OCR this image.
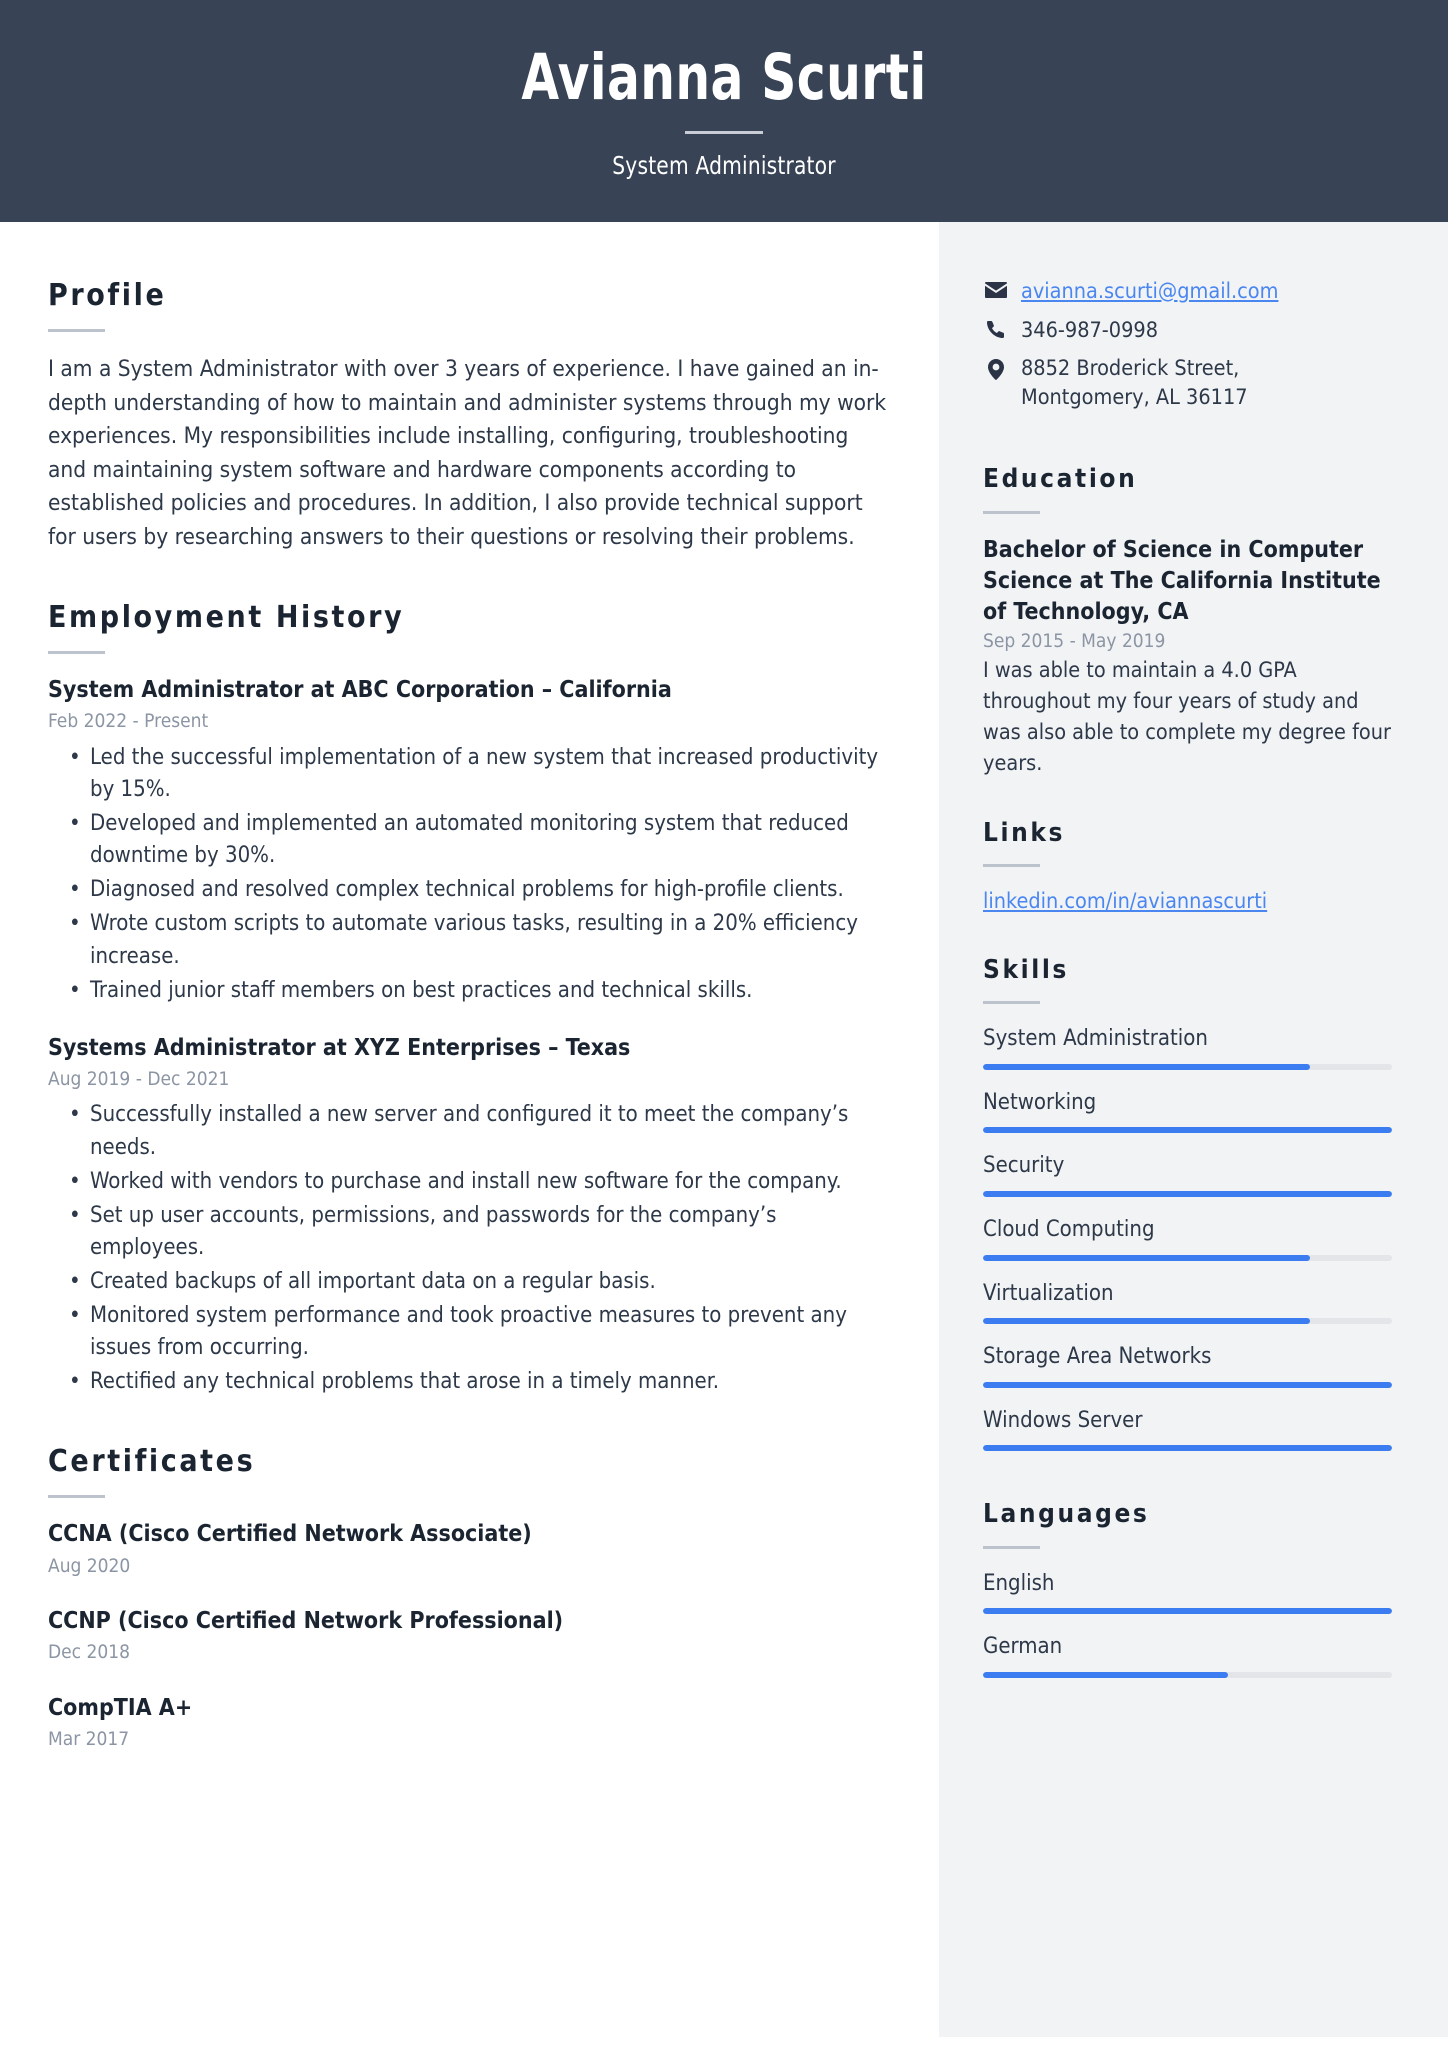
Avianna Scurti
System Administrator
Profile
I am a System Administrator with over 3 years of experience. I have gained an in-depth understanding of how to maintain and administer systems through my work experiences. My responsibilities include installing, configuring, troubleshooting and maintaining system software and hardware components according to established policies and procedures. In addition, I also provide technical support for users by researching answers to their questions or resolving their problems.
Employment History
System Administrator at ABC Corporation – California
Feb 2022 - Present
• Led the successful implementation of a new system that increased productivity by 15%.
• Developed and implemented an automated monitoring system that reduced downtime by 30%.
• Diagnosed and resolved complex technical problems for high-profile clients.
• Wrote custom scripts to automate various tasks, resulting in a 20% efficiency increase.
• Trained junior staff members on best practices and technical skills.
Systems Administrator at XYZ Enterprises – Texas
Aug 2019 - Dec 2021
• Successfully installed a new server and configured it to meet the company’s needs.
• Worked with vendors to purchase and install new software for the company.
• Set up user accounts, permissions, and passwords for the company’s employees.
• Created backups of all important data on a regular basis.
• Monitored system performance and took proactive measures to prevent any issues from occurring.
• Rectified any technical problems that arose in a timely manner.
Certificates
CCNA (Cisco Certified Network Associate)
Aug 2020
CCNP (Cisco Certified Network Professional)
Dec 2018
CompTIA A+
Mar 2017
avianna.scurti@gmail.com
346-987-0998
8852 Broderick Street,
Montgomery, AL 36117
Education
Bachelor of Science in Computer Science at The California Institute of Technology, CA
Sep 2015 - May 2019
I was able to maintain a 4.0 GPA throughout my four years of study and was also able to complete my degree four years.
Links
linkedin.com/in/aviannascurti
Skills
System Administration
Networking
Security
Cloud Computing
Virtualization
Storage Area Networks
Windows Server
Languages
English
German
